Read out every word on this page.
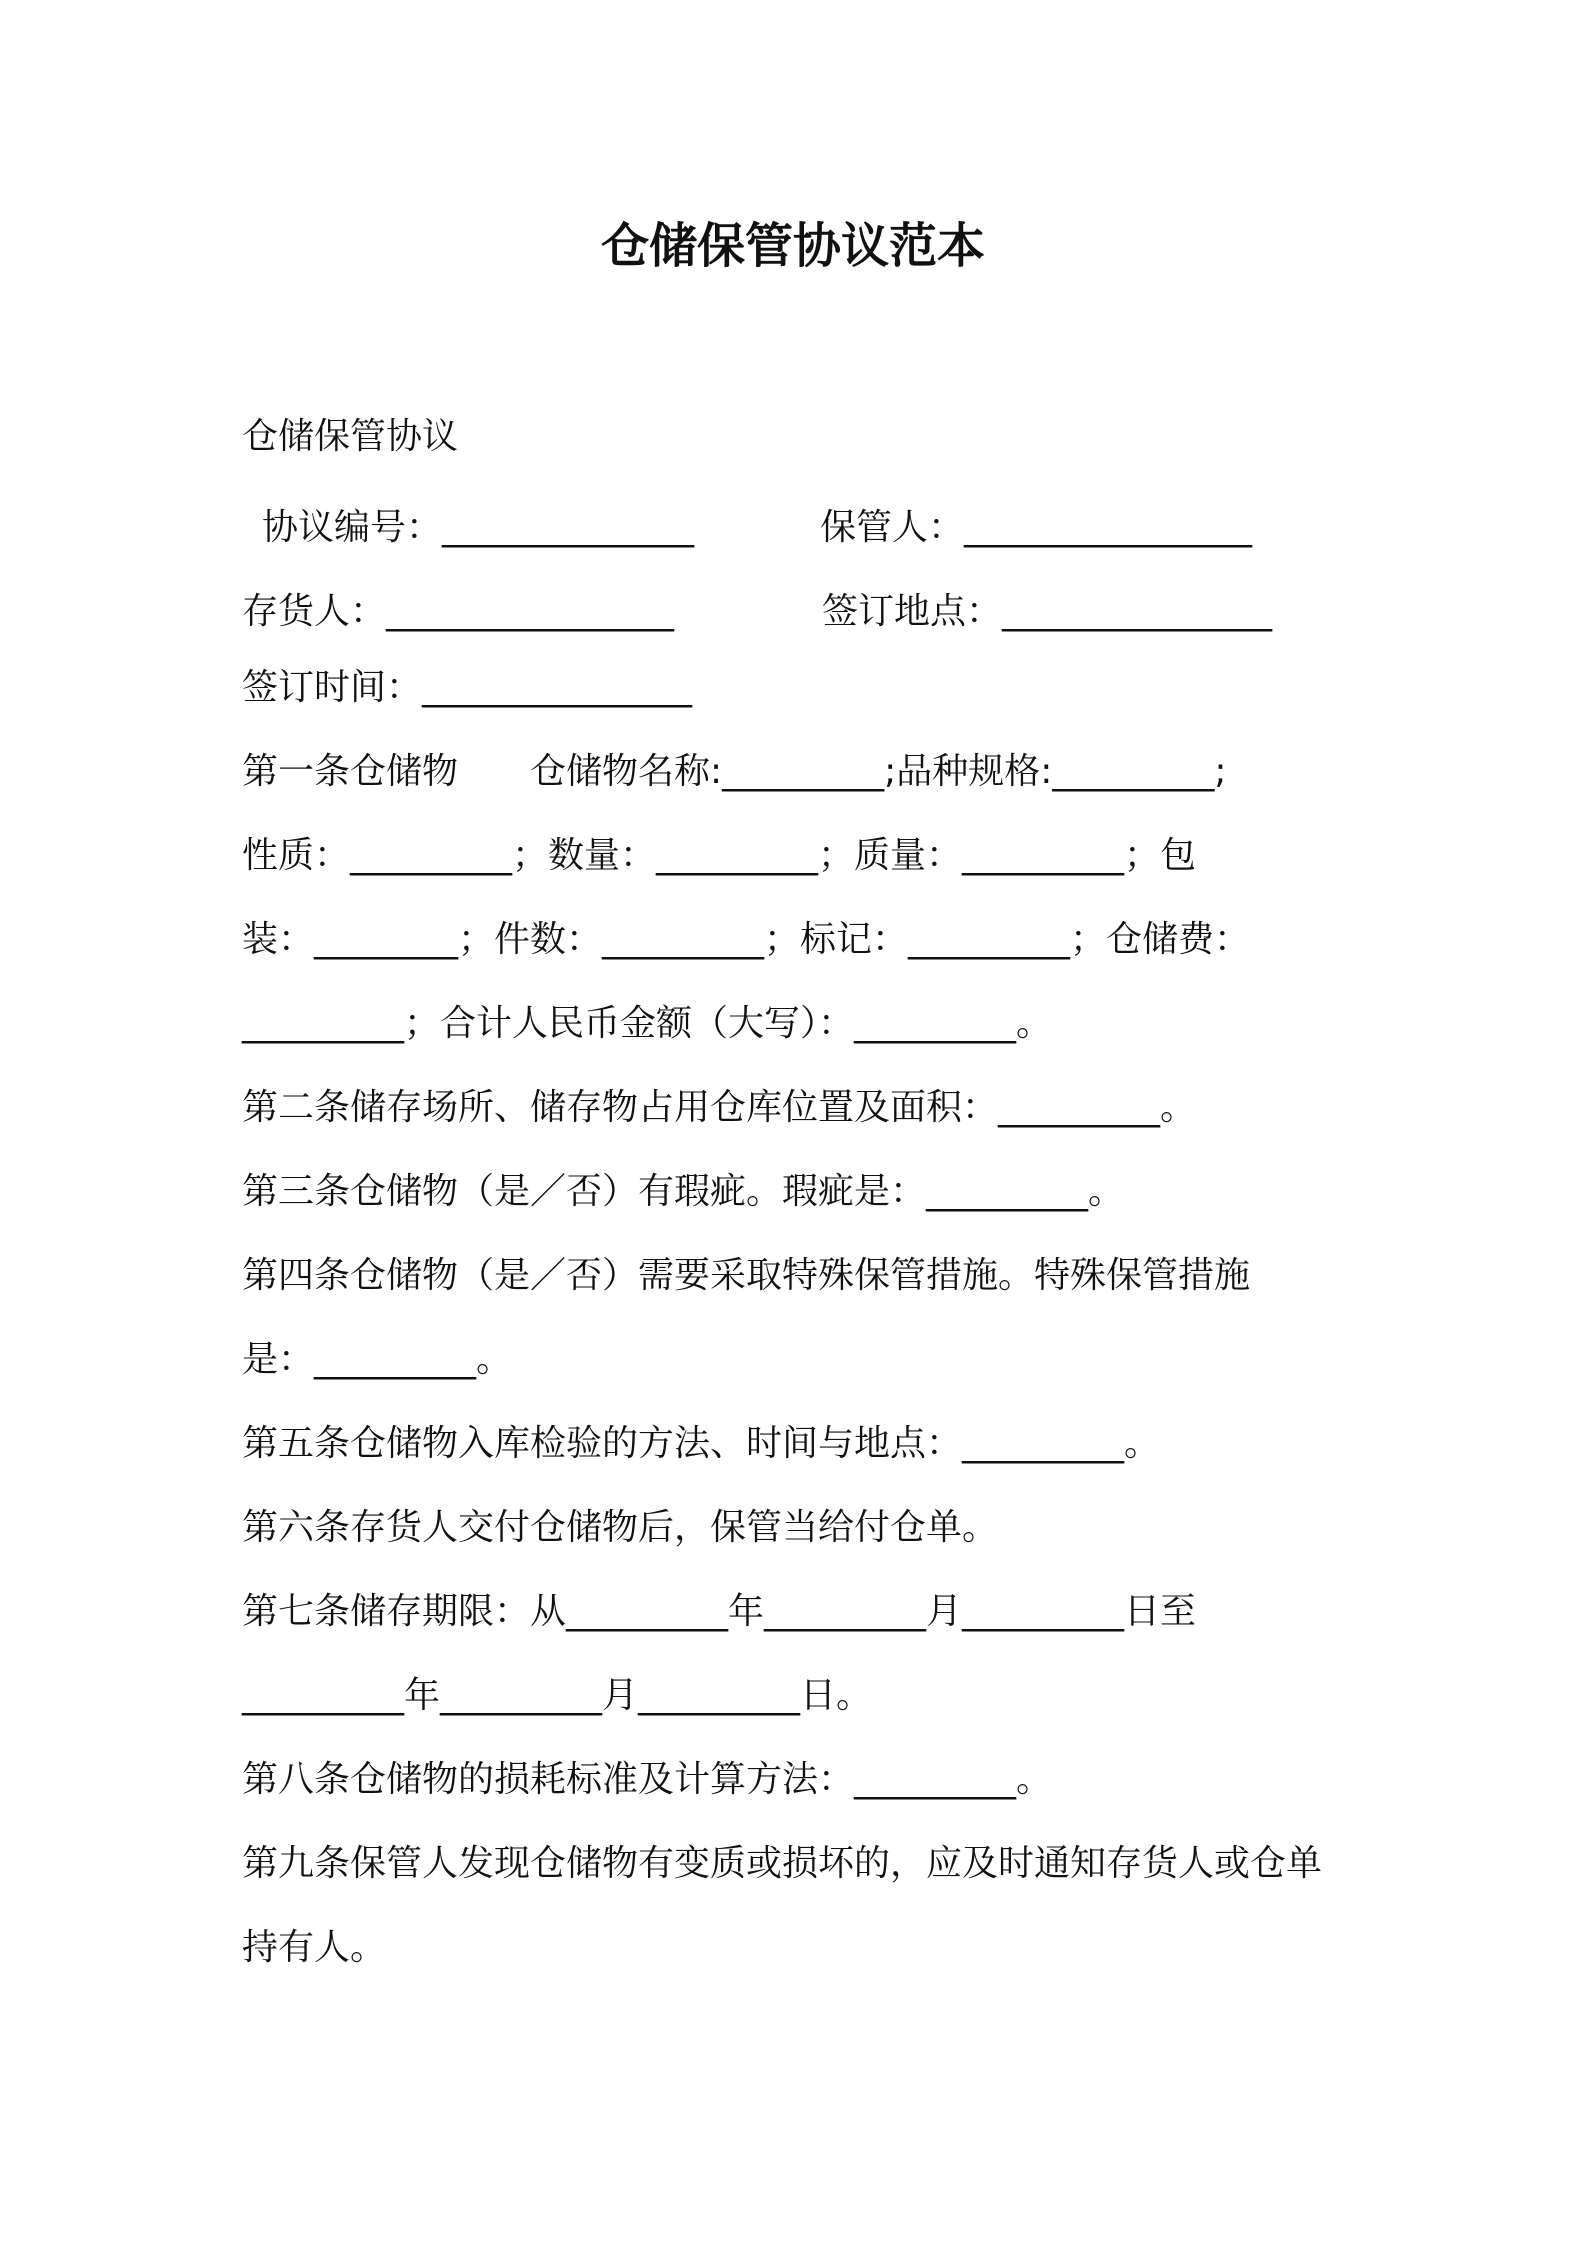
仓储保管协议范本
仓储保管协议
协议编号：______________	保管人：________________
存货人：________________	签订地点：_______________
签订时间：_______________
第一条仓储物　　仓储物名称:_________;品种规格:_________;
性质：_________；数量：_________；质量：_________；包
装：________；件数：_________；标记：_________；仓储费：
_________；合计人民币金额（大写）：_________。
第二条储存场所、储存物占用仓库位置及面积：_________。
第三条仓储物（是／否）有瑕疵。瑕疵是：_________。
第四条仓储物（是／否）需要采取特殊保管措施。特殊保管措施
是：_________。
第五条仓储物入库检验的方法、时间与地点：_________。
第六条存货人交付仓储物后，保管当给付仓单。
第七条储存期限：从_________年_________月_________日至
_________年_________月_________日。
第八条仓储物的损耗标准及计算方法：_________。
第九条保管人发现仓储物有变质或损坏的，应及时通知存货人或仓单
持有人。
